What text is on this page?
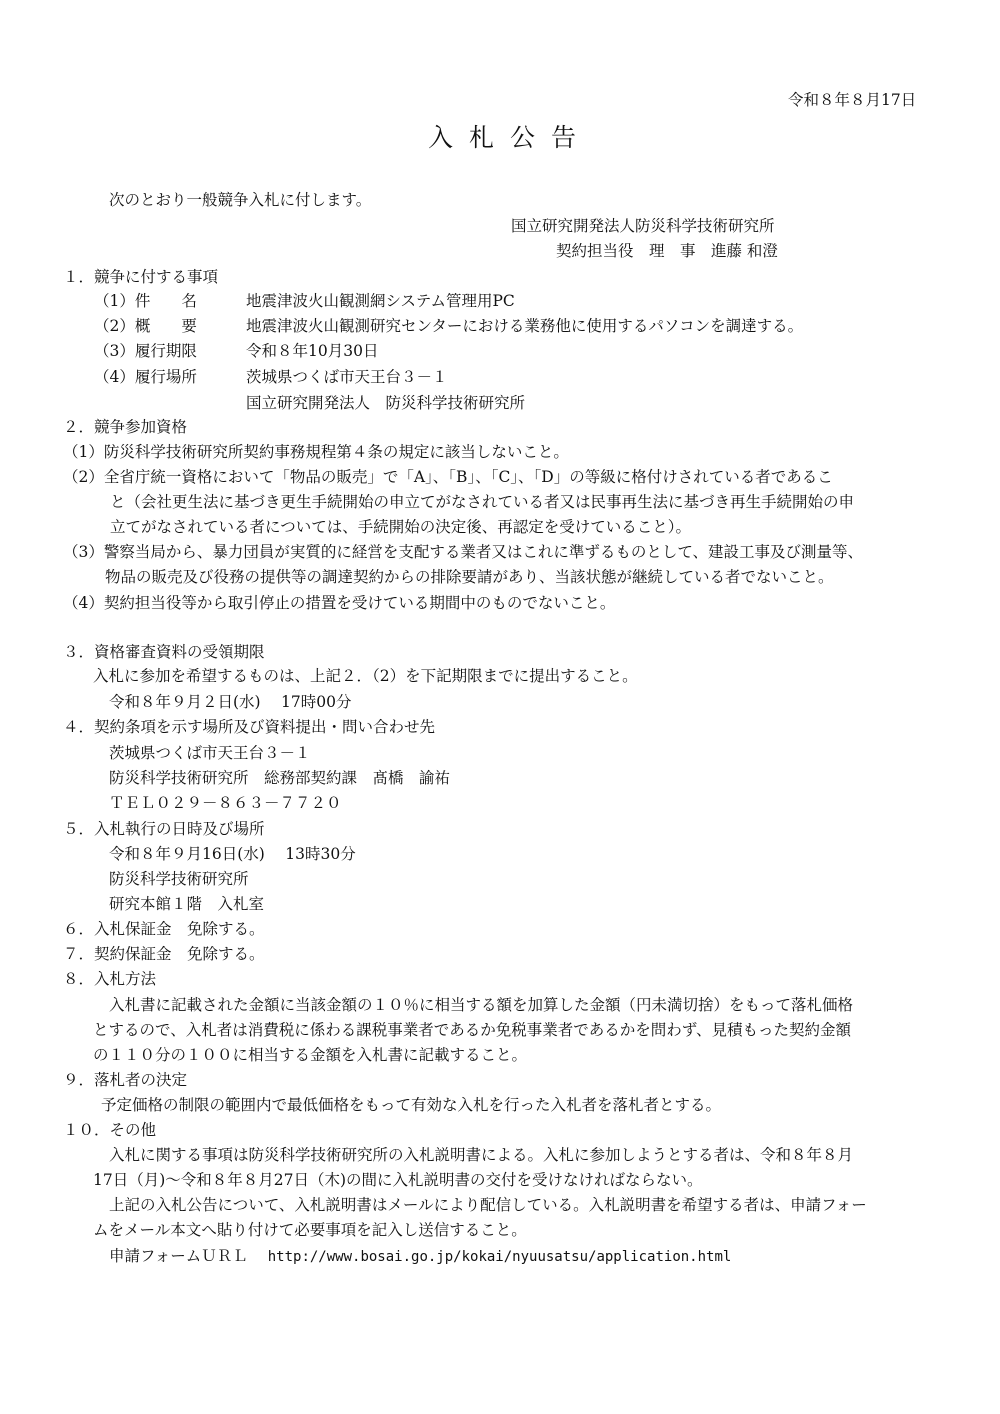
令和８年８月17日
入札公告
次のとおり一般競争入札に付します。
国立研究開発法人防災科学技術研究所
契約担当役　理　事　進藤 和澄
１．競争に付する事項
（1）件　　名	地震津波火山観測網システム管理用PC
（2）概　　要	地震津波火山観測研究センターにおける業務他に使用するパソコンを調達する。
（3）履行期限	令和８年10月30日
（4）履行場所	茨城県つくば市天王台３－１
国立研究開発法人　防災科学技術研究所
２．競争参加資格
（1）防災科学技術研究所契約事務規程第４条の規定に該当しないこと。
（2）全省庁統一資格において「物品の販売」で「A」、「B」、「C」、「D」の等級に格付けされている者であるこ
と（会社更生法に基づき更生手続開始の申立てがなされている者又は民事再生法に基づき再生手続開始の申
立てがなされている者については、手続開始の決定後、再認定を受けていること）。
（3）警察当局から、暴力団員が実質的に経営を支配する業者又はこれに準ずるものとして、建設工事及び測量等、
物品の販売及び役務の提供等の調達契約からの排除要請があり、当該状態が継続している者でないこと。
（4）契約担当役等から取引停止の措置を受けている期間中のものでないこと。
３．資格審査資料の受領期限
入札に参加を希望するものは、上記２．（2）を下記期限までに提出すること。
令和８年９月２日(水)　 17時00分
４．契約条項を示す場所及び資料提出・問い合わせ先
茨城県つくば市天王台３－１
防災科学技術研究所　総務部契約課　髙橋　諭祐
ＴＥＬ０２９－８６３－７７２０
５．入札執行の日時及び場所
令和８年９月16日(水)　 13時30分
防災科学技術研究所
研究本館１階　入札室
６．入札保証金　免除する。
７．契約保証金　免除する。
８．入札方法
入札書に記載された金額に当該金額の１０％に相当する額を加算した金額（円未満切捨）をもって落札価格
とするので、入札者は消費税に係わる課税事業者であるか免税事業者であるかを問わず、見積もった契約金額
の１１０分の１００に相当する金額を入札書に記載すること。
９．落札者の決定
予定価格の制限の範囲内で最低価格をもって有効な入札を行った入札者を落札者とする。
１０．その他
入札に関する事項は防災科学技術研究所の入札説明書による。入札に参加しようとする者は、令和８年８月
17日（月)～令和８年８月27日（木)の間に入札説明書の交付を受けなければならない。
上記の入札公告について、入札説明書はメールにより配信している。入札説明書を希望する者は、申請フォー
ムをメール本文へ貼り付けて必要事項を記入し送信すること。
申請フォームＵＲＬ http://www.bosai.go.jp/kokai/nyuusatsu/application.html
